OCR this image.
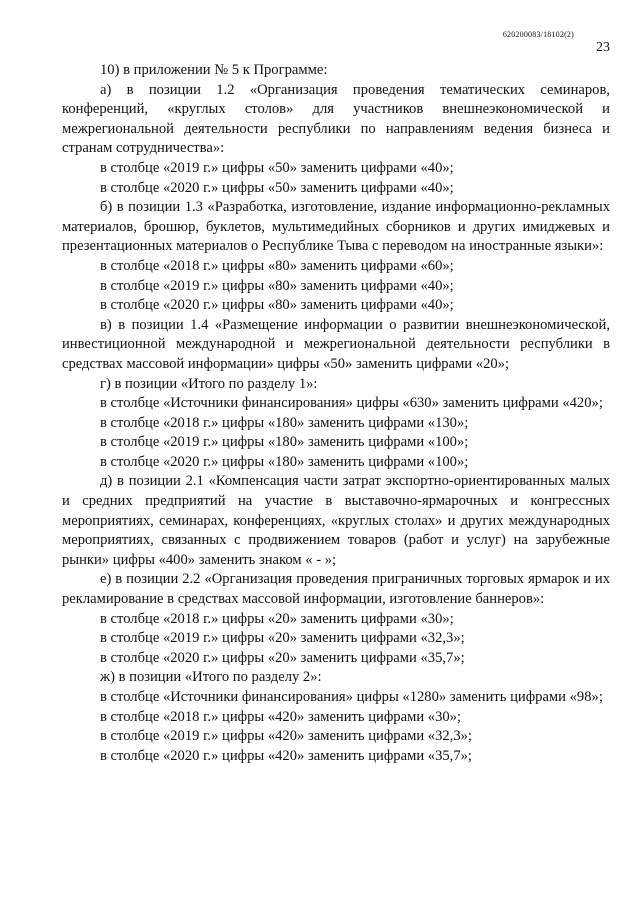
620200083/18102(2)
23

10) в приложении № 5 к Программе:

а) в позиции 1.2 «Организация проведения тематических семинаров, конференций, «круглых столов» для участников внешнеэкономической и межрегиональной деятельности республики по направлениям ведения бизнеса и странам сотрудничества»:

в столбце «2019 г.» цифры «50» заменить цифрами «40»;

в столбце «2020 г.» цифры «50» заменить цифрами «40»;

б) в позиции 1.3 «Разработка, изготовление, издание информационно-рекламных материалов, брошюр, буклетов, мультимедийных сборников и других имиджевых и презентационных материалов о Республике Тыва с переводом на иностранные языки»:

в столбце «2018 г.» цифры «80» заменить цифрами «60»;

в столбце «2019 г.» цифры «80» заменить цифрами «40»;

в столбце «2020 г.» цифры «80» заменить цифрами «40»;

в) в позиции 1.4 «Размещение информации о развитии внешнеэкономической, инвестиционной международной и межрегиональной деятельности республики в средствах массовой информации» цифры «50» заменить цифрами «20»;

г) в позиции «Итого по разделу 1»:

в столбце «Источники финансирования» цифры «630» заменить цифрами «420»;

в столбце «2018 г.» цифры «180» заменить цифрами «130»;

в столбце «2019 г.» цифры «180» заменить цифрами «100»;

в столбце «2020 г.» цифры «180» заменить цифрами «100»;

д) в позиции 2.1 «Компенсация части затрат экспортно-ориентированных малых и средних предприятий на участие в выставочно-ярмарочных и конгрессных мероприятиях, семинарах, конференциях, «круглых столах» и других международных мероприятиях, связанных с продвижением товаров (работ и услуг) на зарубежные рынки» цифры «400» заменить знаком « - »;

е) в позиции 2.2 «Организация проведения приграничных торговых ярмарок и их рекламирование в средствах массовой информации, изготовление баннеров»:

в столбце «2018 г.» цифры «20» заменить цифрами «30»;

в столбце «2019 г.» цифры «20» заменить цифрами «32,3»;

в столбце «2020 г.» цифры «20» заменить цифрами «35,7»;

ж) в позиции «Итого по разделу 2»:

в столбце «Источники финансирования» цифры «1280» заменить цифрами «98»;

в столбце «2018 г.» цифры «420» заменить цифрами «30»;

в столбце «2019 г.» цифры «420» заменить цифрами «32,3»;

в столбце «2020 г.» цифры «420» заменить цифрами «35,7»;
